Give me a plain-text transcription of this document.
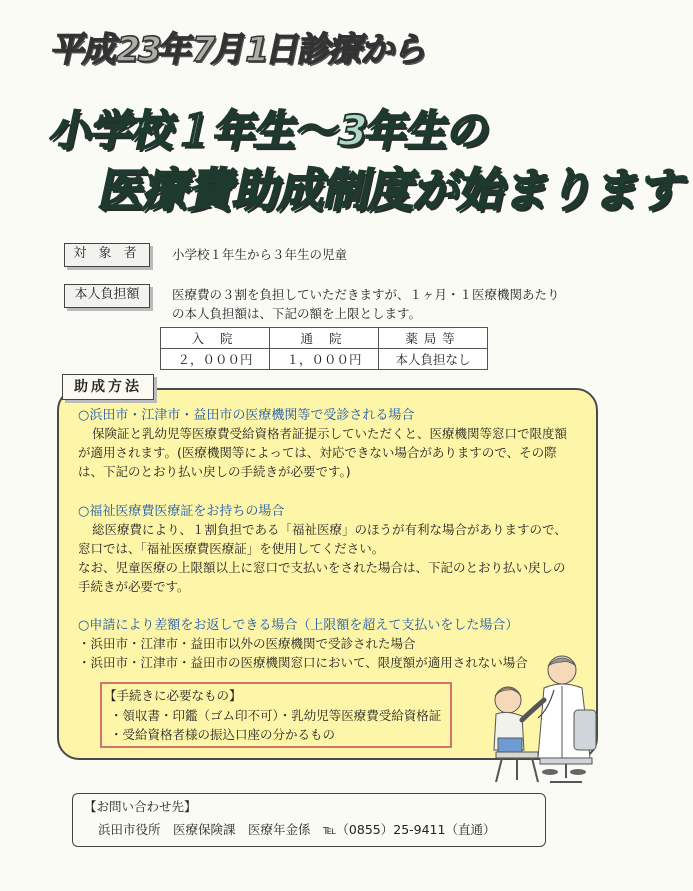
平成23年7月1日診療から
小学校１年生〜3年生の
医療費助成制度が始まります
対 象 者	小学校１年生から３年生の児童
本人負担額	医療費の３割を負担していただきますが、１ヶ月・１医療機関あたり
の本人負担額は、下記の額を上限とします。
入 院	通 院	薬局等
２，０００円	１，０００円	本人負担なし
助成方法
○浜田市・江津市・益田市の医療機関等で受診される場合
保険証と乳幼児等医療費受給資格者証提示していただくと、医療機関等窓口で限度額
が適用されます。(医療機関等によっては、対応できない場合がありますので、その際
は、下記のとおり払い戻しの手続きが必要です。)
○福祉医療費医療証をお持ちの場合
総医療費により、１割負担である「福祉医療」のほうが有利な場合がありますので、
窓口では、「福祉医療費医療証」を使用してください。
なお、児童医療の上限額以上に窓口で支払いをされた場合は、下記のとおり払い戻しの
手続きが必要です。
○申請により差額をお返しできる場合（上限額を超えて支払いをした場合）
・浜田市・江津市・益田市以外の医療機関で受診された場合
・浜田市・江津市・益田市の医療機関窓口において、限度額が適用されない場合
【手続きに必要なもの】
・領収書・印鑑（ゴム印不可）・乳幼児等医療費受給資格証
・受給資格者様の振込口座の分かるもの
【お問い合わせ先】
浜田市役所　医療保険課　医療年金係　℡（0855）25-9411（直通）
